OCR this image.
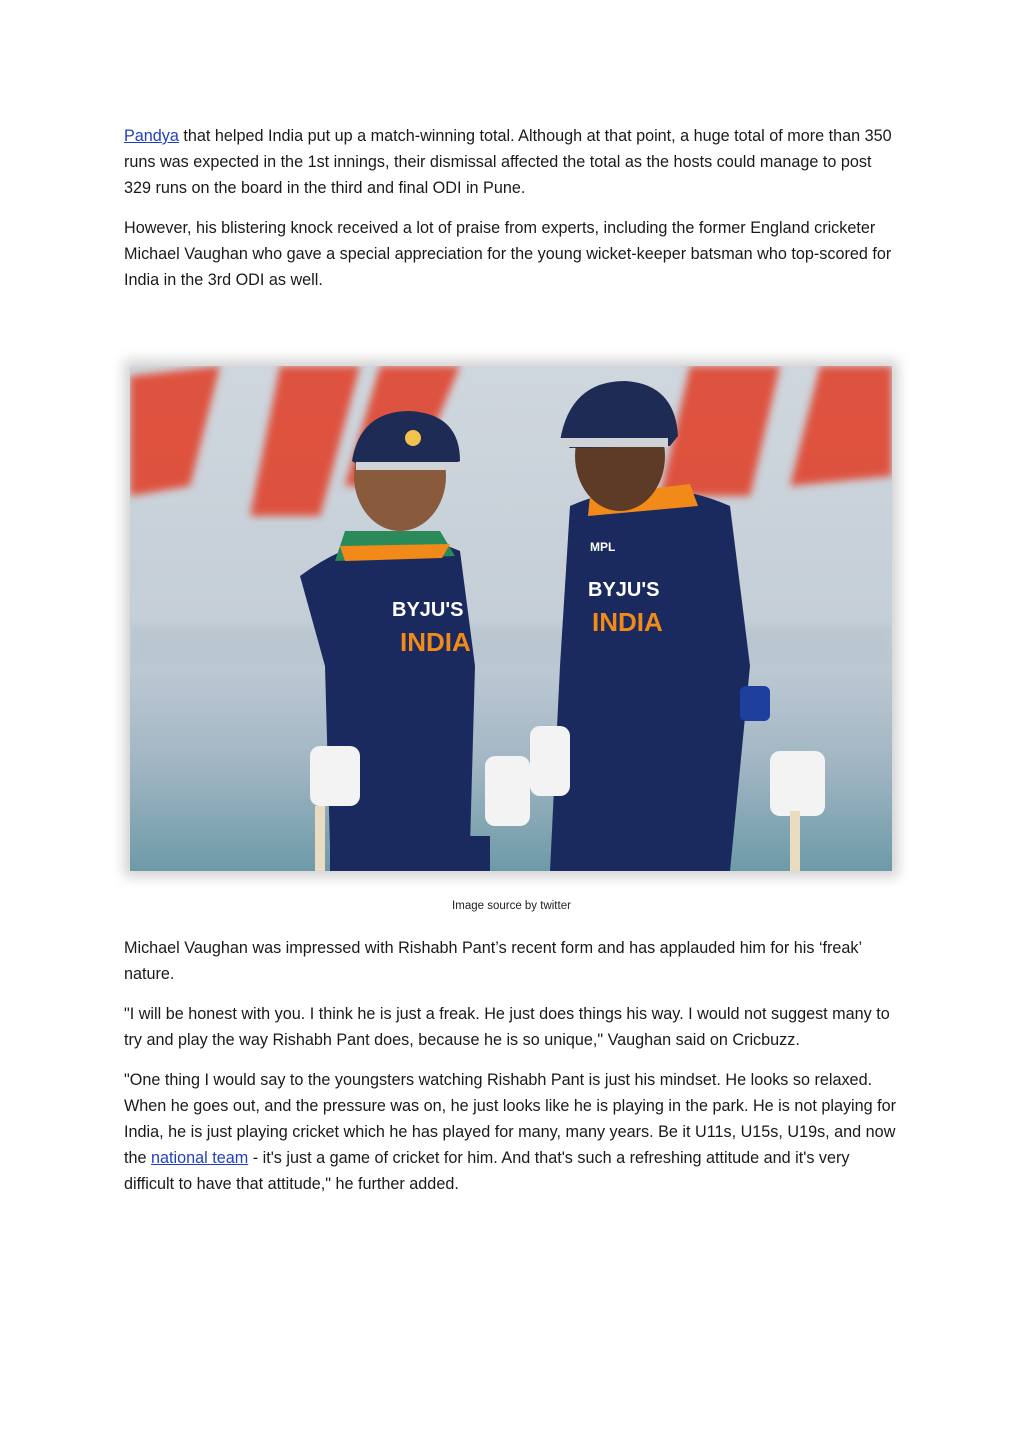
Pandya that helped India put up a match-winning total. Although at that point, a huge total of more than 350 runs was expected in the 1st innings, their dismissal affected the total as the hosts could manage to post 329 runs on the board in the third and final ODI in Pune.

However, his blistering knock received a lot of praise from experts, including the former England cricketer Michael Vaughan who gave a special appreciation for the young wicket-keeper batsman who top-scored for India in the 3rd ODI as well.

BYJU'S
INDIA
BYJU'S
INDIA
MPL
Image source by twitter

Michael Vaughan was impressed with Rishabh Pant’s recent form and has applauded him for his ‘freak’ nature.

"I will be honest with you. I think he is just a freak. He just does things his way. I would not suggest many to try and play the way Rishabh Pant does, because he is so unique," Vaughan said on Cricbuzz.

"One thing I would say to the youngsters watching Rishabh Pant is just his mindset. He looks so relaxed. When he goes out, and the pressure was on, he just looks like he is playing in the park. He is not playing for India, he is just playing cricket which he has played for many, many years. Be it U11s, U15s, U19s, and now the national team - it's just a game of cricket for him. And that's such a refreshing attitude and it's very difficult to have that attitude," he further added.
